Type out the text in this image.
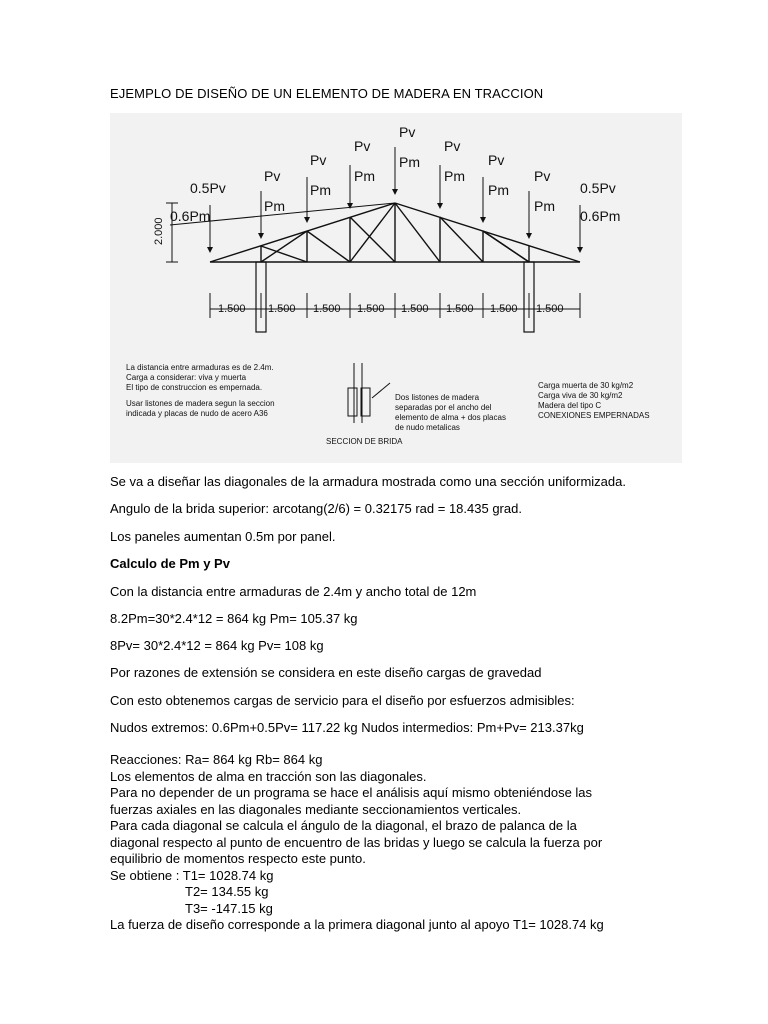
EJEMPLO DE DISEÑO DE UN ELEMENTO DE MADERA EN TRACCION
0.5Pv
0.6Pm
Pv
Pm
Pv
Pm
Pv
Pm
Pv
Pm
Pv
Pm
Pv
Pm
Pv
Pm
0.5Pv
0.6Pm
2.000
1.500 1.500 1.500 1.500 1.500 1.500 1.500 1.500
La distancia entre armaduras es de 2.4m.
Carga a considerar: viva y muerta
El tipo de construccion es empernada.
Usar listones de madera segun la seccion
indicada y placas de nudo de acero A36
Dos listones de madera
separadas por el ancho del
elemento de alma + dos placas
de nudo metalicas
SECCION DE BRIDA
Carga muerta de 30 kg/m2
Carga viva de 30 kg/m2
Madera del tipo C
CONEXIONES EMPERNADAS
Se va a diseñar las diagonales de la armadura mostrada como una sección uniformizada.
Angulo de la brida superior: arcotang(2/6) = 0.32175 rad = 18.435 grad.
Los paneles aumentan 0.5m por panel.
Calculo de Pm y Pv
Con la distancia entre armaduras de 2.4m y ancho total de 12m
8.2Pm=30*2.4*12 = 864 kg Pm= 105.37 kg
8Pv= 30*2.4*12 = 864 kg Pv= 108 kg
Por razones de extensión se considera en este diseño cargas de gravedad
Con esto obtenemos cargas de servicio para el diseño por esfuerzos admisibles:
Nudos extremos: 0.6Pm+0.5Pv= 117.22 kg Nudos intermedios: Pm+Pv= 213.37kg
Reacciones: Ra= 864 kg Rb= 864 kg
Los elementos de alma en tracción son las diagonales.
Para no depender de un programa se hace el análisis aquí mismo obteniéndose las
fuerzas axiales en las diagonales mediante seccionamientos verticales.
Para cada diagonal se calcula el ángulo de la diagonal, el brazo de palanca de la
diagonal respecto al punto de encuentro de las bridas y luego se calcula la fuerza por
equilibrio de momentos respecto este punto.
Se obtiene : T1= 1028.74 kg
T2= 134.55 kg
T3= -147.15 kg
La fuerza de diseño corresponde a la primera diagonal junto al apoyo T1= 1028.74 kg
